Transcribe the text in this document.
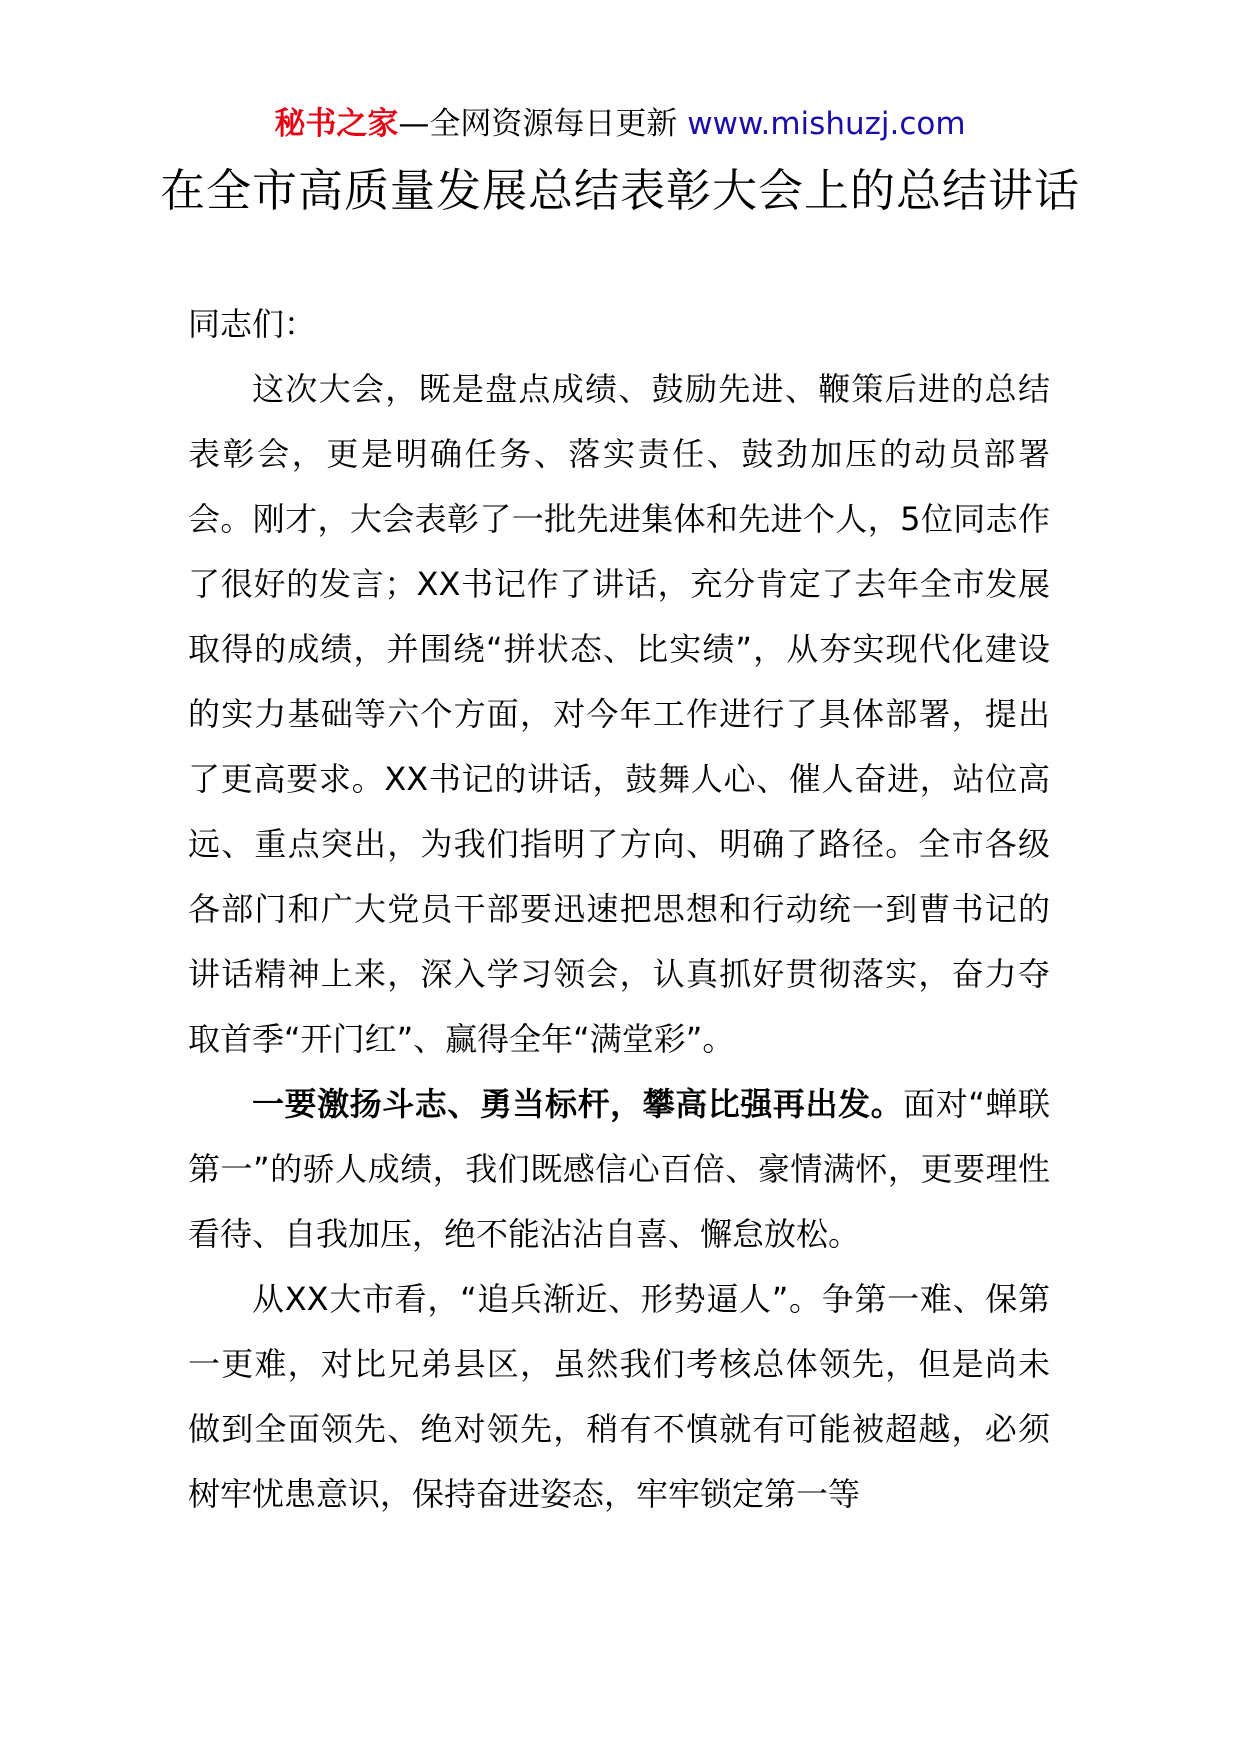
秘书之家—全网资源每日更新 www.mishuzj.com
在全市高质量发展总结表彰大会上的总结讲话

同志们：

这次大会，既是盘点成绩、鼓励先进、鞭策后进的总结表彰会，更是明确任务、落实责任、鼓劲加压的动员部署会。刚才，大会表彰了一批先进集体和先进个人，5位同志作了很好的发言；XX书记作了讲话，充分肯定了去年全市发展取得的成绩，并围绕“拼状态、比实绩”，从夯实现代化建设的实力基础等六个方面，对今年工作进行了具体部署，提出了更高要求。XX书记的讲话，鼓舞人心、催人奋进，站位高远、重点突出，为我们指明了方向、明确了路径。全市各级各部门和广大党员干部要迅速把思想和行动统一到曹书记的讲话精神上来，深入学习领会，认真抓好贯彻落实，奋力夺取首季“开门红”、赢得全年“满堂彩”。

一要激扬斗志、勇当标杆，攀高比强再出发。面对“蝉联第一”的骄人成绩，我们既感信心百倍、豪情满怀，更要理性看待、自我加压，绝不能沾沾自喜、懈怠放松。

从XX大市看，“追兵渐近、形势逼人”。争第一难、保第一更难，对比兄弟县区，虽然我们考核总体领先，但是尚未做到全面领先、绝对领先，稍有不慎就有可能被超越，必须树牢忧患意识，保持奋进姿态，牢牢锁定第一等
